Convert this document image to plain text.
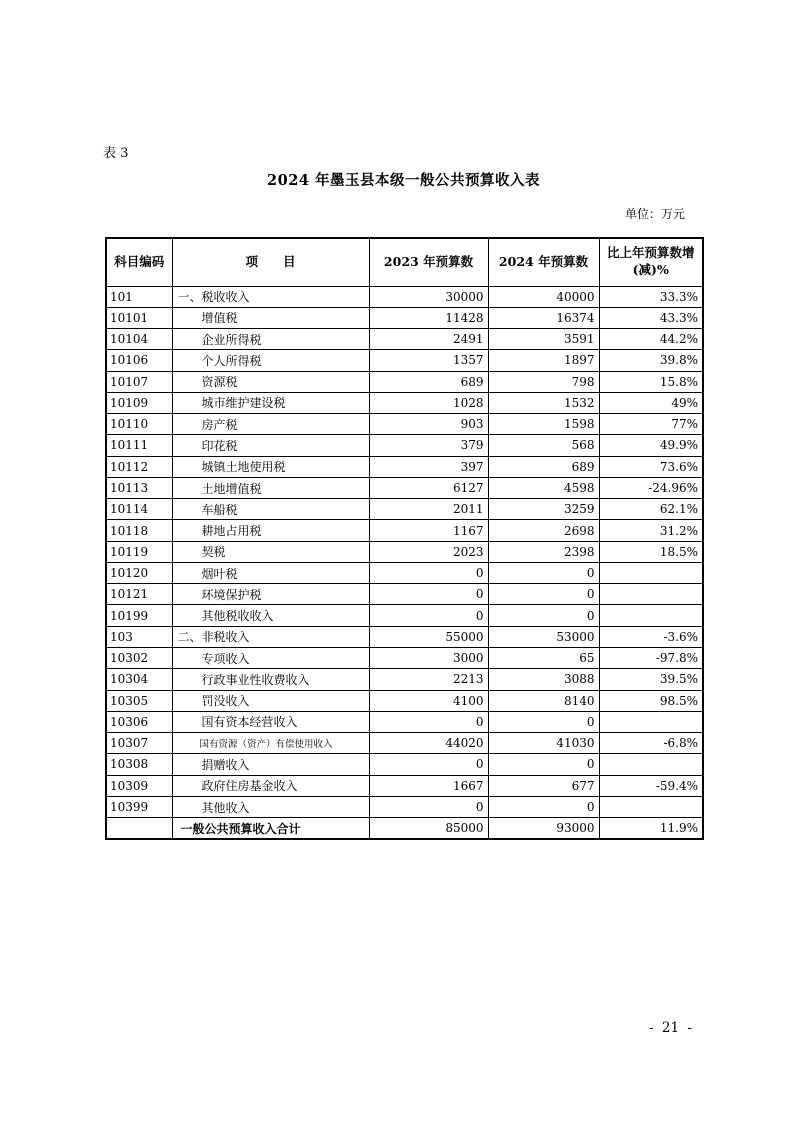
表 3
2024 年墨玉县本级一般公共预算收入表
单位：万元
科目编码	项　　目	2023 年预算数	2024 年预算数	比上年预算数增(减)%
101	一、税收收入	30000	40000	33.3%
10101	增值税	11428	16374	43.3%
10104	企业所得税	2491	3591	44.2%
10106	个人所得税	1357	1897	39.8%
10107	资源税	689	798	15.8%
10109	城市维护建设税	1028	1532	49%
10110	房产税	903	1598	77%
10111	印花税	379	568	49.9%
10112	城镇土地使用税	397	689	73.6%
10113	土地增值税	6127	4598	-24.96%
10114	车船税	2011	3259	62.1%
10118	耕地占用税	1167	2698	31.2%
10119	契税	2023	2398	18.5%
10120	烟叶税	0	0	
10121	环境保护税	0	0	
10199	其他税收收入	0	0	
103	二、非税收入	55000	53000	-3.6%
10302	专项收入	3000	65	-97.8%
10304	行政事业性收费收入	2213	3088	39.5%
10305	罚没收入	4100	8140	98.5%
10306	国有资本经营收入	0	0	
10307	国有资源（资产）有偿使用收入	44020	41030	-6.8%
10308	捐赠收入	0	0	
10309	政府住房基金收入	1667	677	-59.4%
10399	其他收入	0	0	
	一般公共预算收入合计	85000	93000	11.9%
- 21 -
